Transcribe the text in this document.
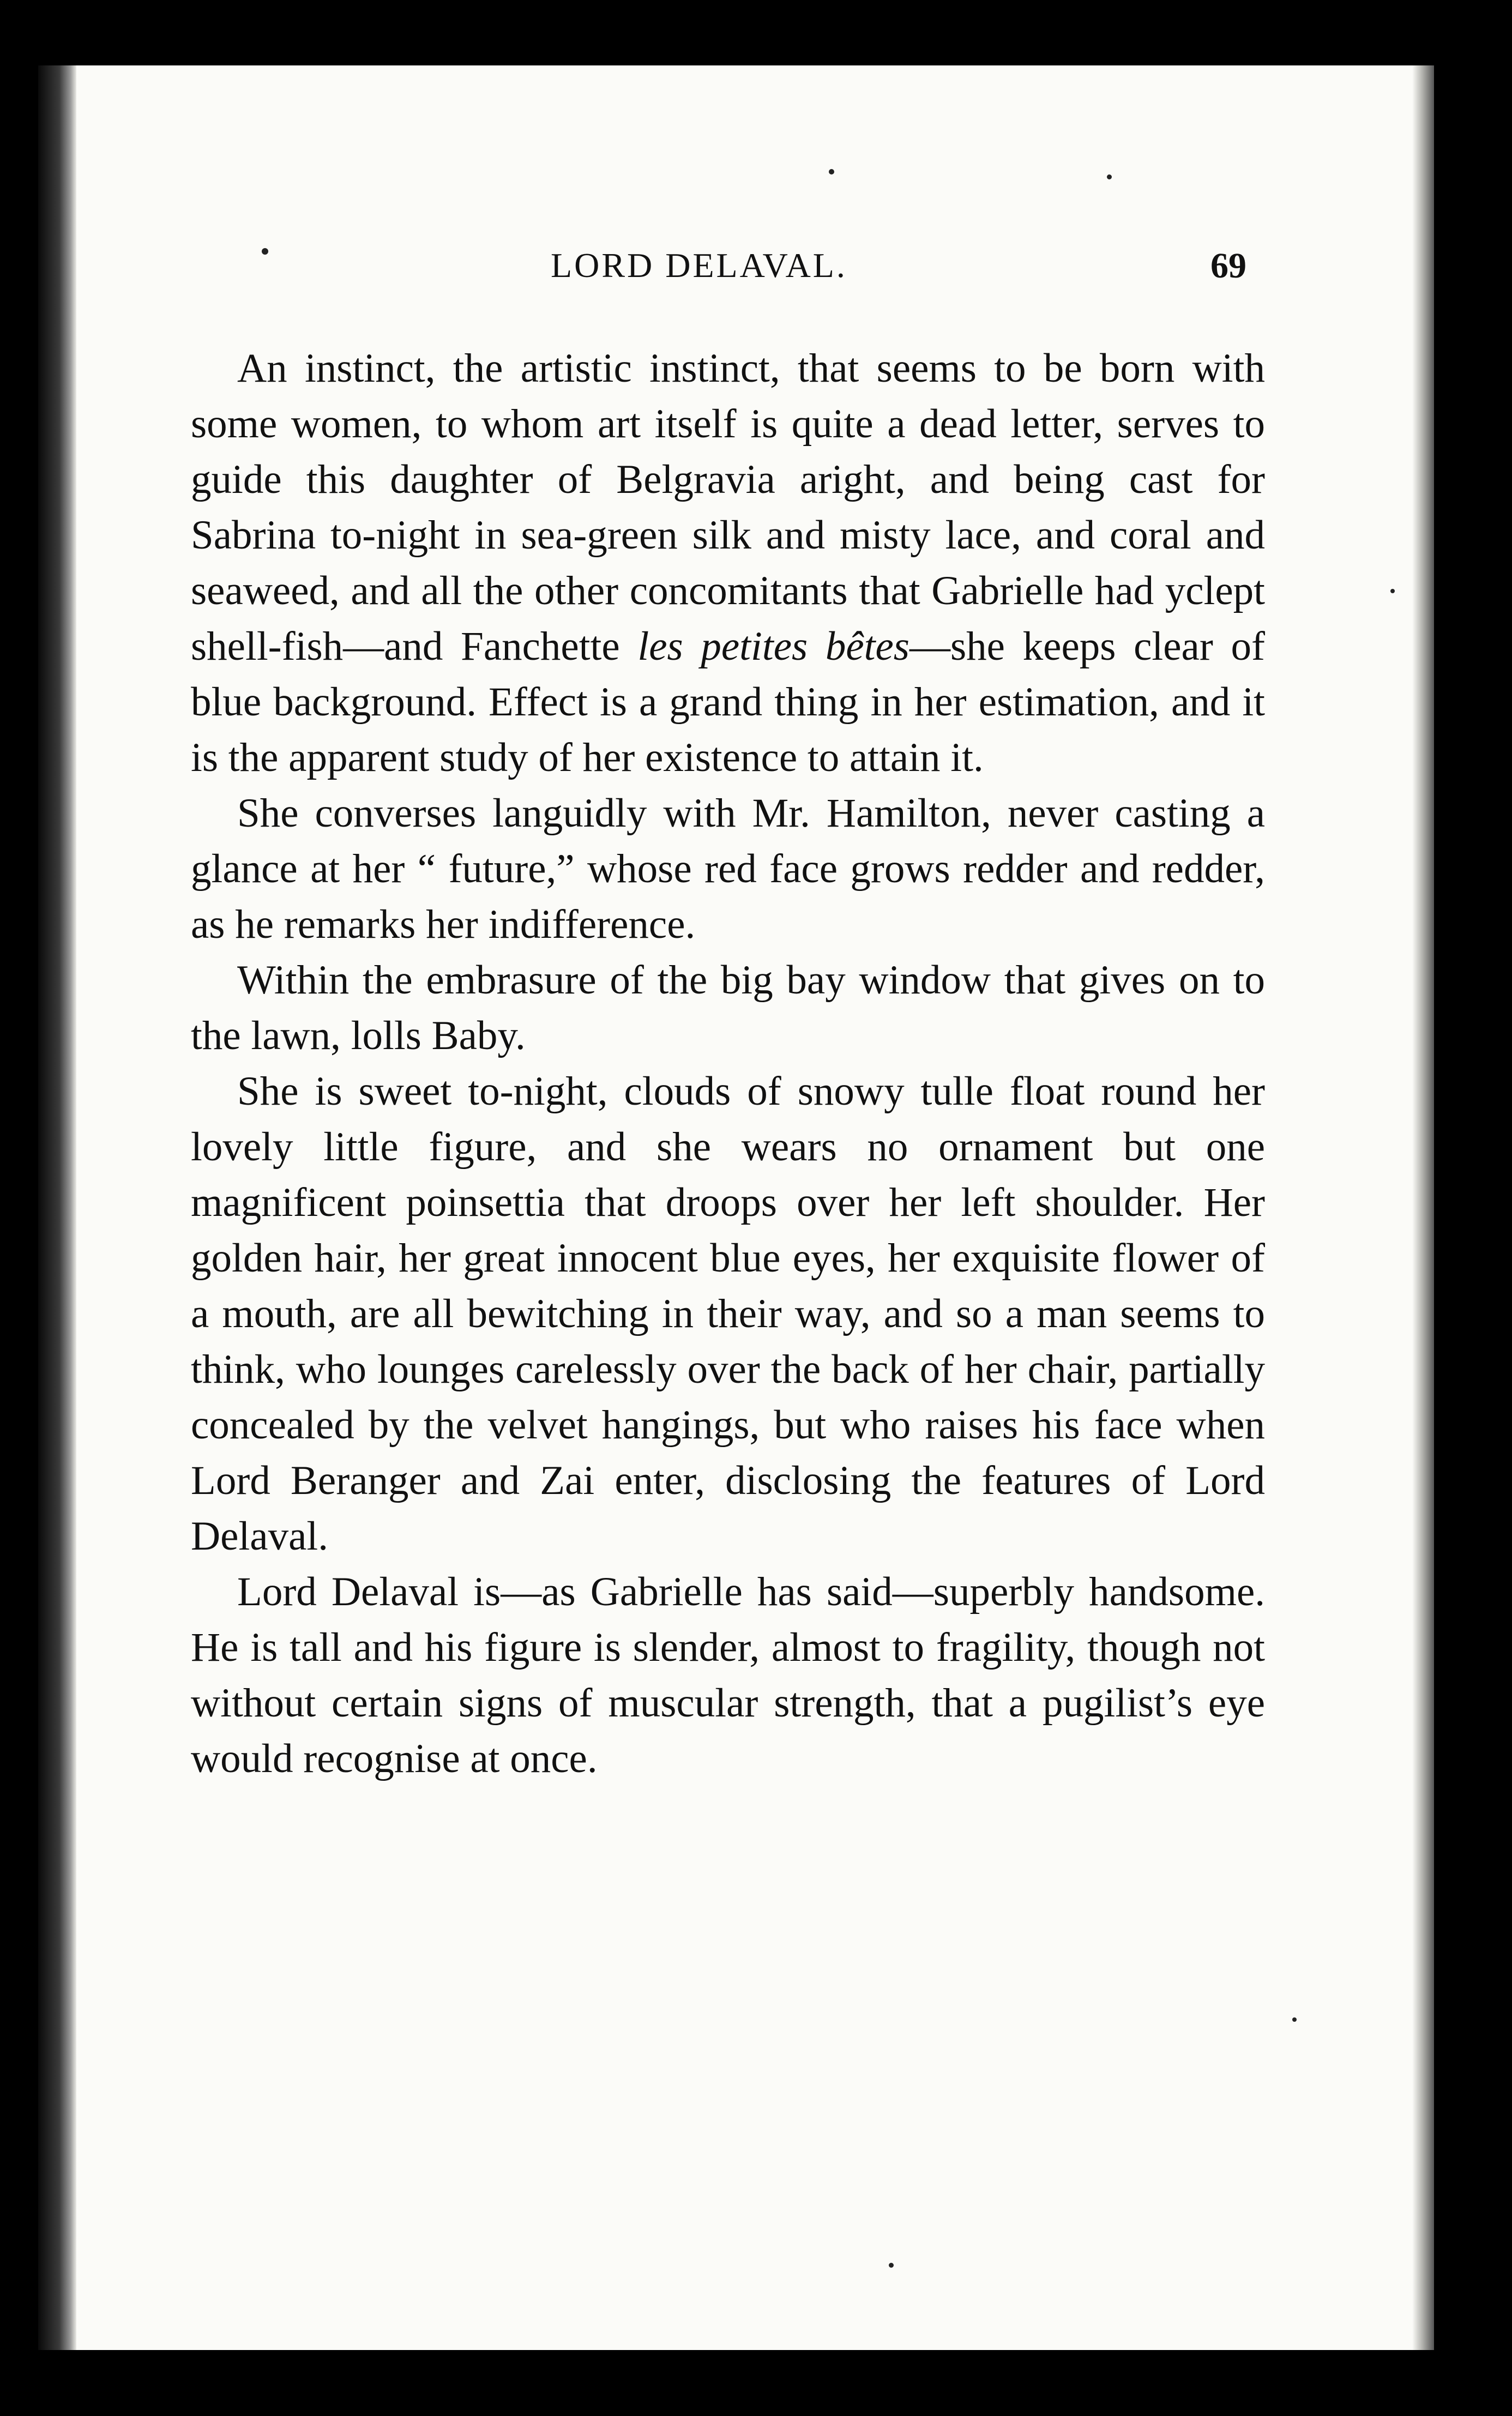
LORD DELAVAL.	69

An instinct, the artistic instinct, that seems to be born with some women, to whom art itself is quite a dead letter, serves to guide this daughter of Belgravia aright, and being cast for Sabrina to-night in sea-green silk and misty lace, and coral and seaweed, and all the other concomitants that Gabrielle had yclept shell-fish—and Fanchette les petites bêtes—she keeps clear of blue background. Effect is a grand thing in her estimation, and it is the apparent study of her existence to attain it.

She converses languidly with Mr. Hamilton, never casting a glance at her “ future,” whose red face grows redder and redder, as he remarks her indifference.

Within the embrasure of the big bay window that gives on to the lawn, lolls Baby.

She is sweet to-night, clouds of snowy tulle float round her lovely little figure, and she wears no ornament but one magnificent poinsettia that droops over her left shoulder. Her golden hair, her great innocent blue eyes, her exquisite flower of a mouth, are all bewitching in their way, and so a man seems to think, who lounges carelessly over the back of her chair, partially concealed by the velvet hangings, but who raises his face when Lord Beranger and Zai enter, disclosing the features of Lord Delaval.

Lord Delaval is—as Gabrielle has said—superbly handsome. He is tall and his figure is slender, almost to fragility, though not without certain signs of muscular strength, that a pugilist’s eye would recognise at once.
